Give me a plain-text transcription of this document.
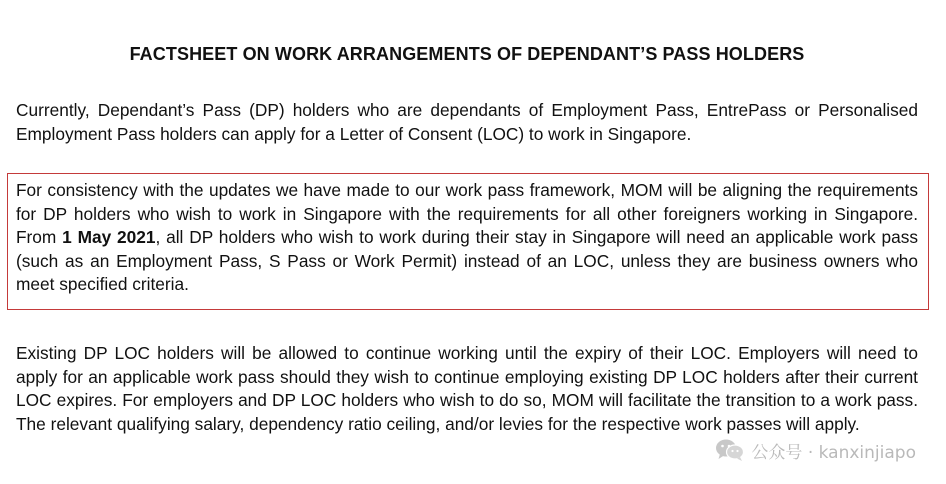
FACTSHEET ON WORK ARRANGEMENTS OF DEPENDANT’S PASS HOLDERS

Currently, Dependant’s Pass (DP) holders who are dependants of Employment Pass, EntrePass or Personalised Employment Pass holders can apply for a Letter of Consent (LOC) to work in Singapore.

For consistency with the updates we have made to our work pass framework, MOM will be aligning the requirements for DP holders who wish to work in Singapore with the requirements for all other foreigners working in Singapore. From 1 May 2021, all DP holders who wish to work during their stay in Singapore will need an applicable work pass (such as an Employment Pass, S Pass or Work Permit) instead of an LOC, unless they are business owners who meet specified criteria.

Existing DP LOC holders will be allowed to continue working until the expiry of their LOC. Employers will need to apply for an applicable work pass should they wish to continue employing existing DP LOC holders after their current LOC expires. For employers and DP LOC holders who wish to do so, MOM will facilitate the transition to a work pass. The relevant qualifying salary, dependency ratio ceiling, and/or levies for the respective work passes will apply.

公众号 · kanxinjiapo
